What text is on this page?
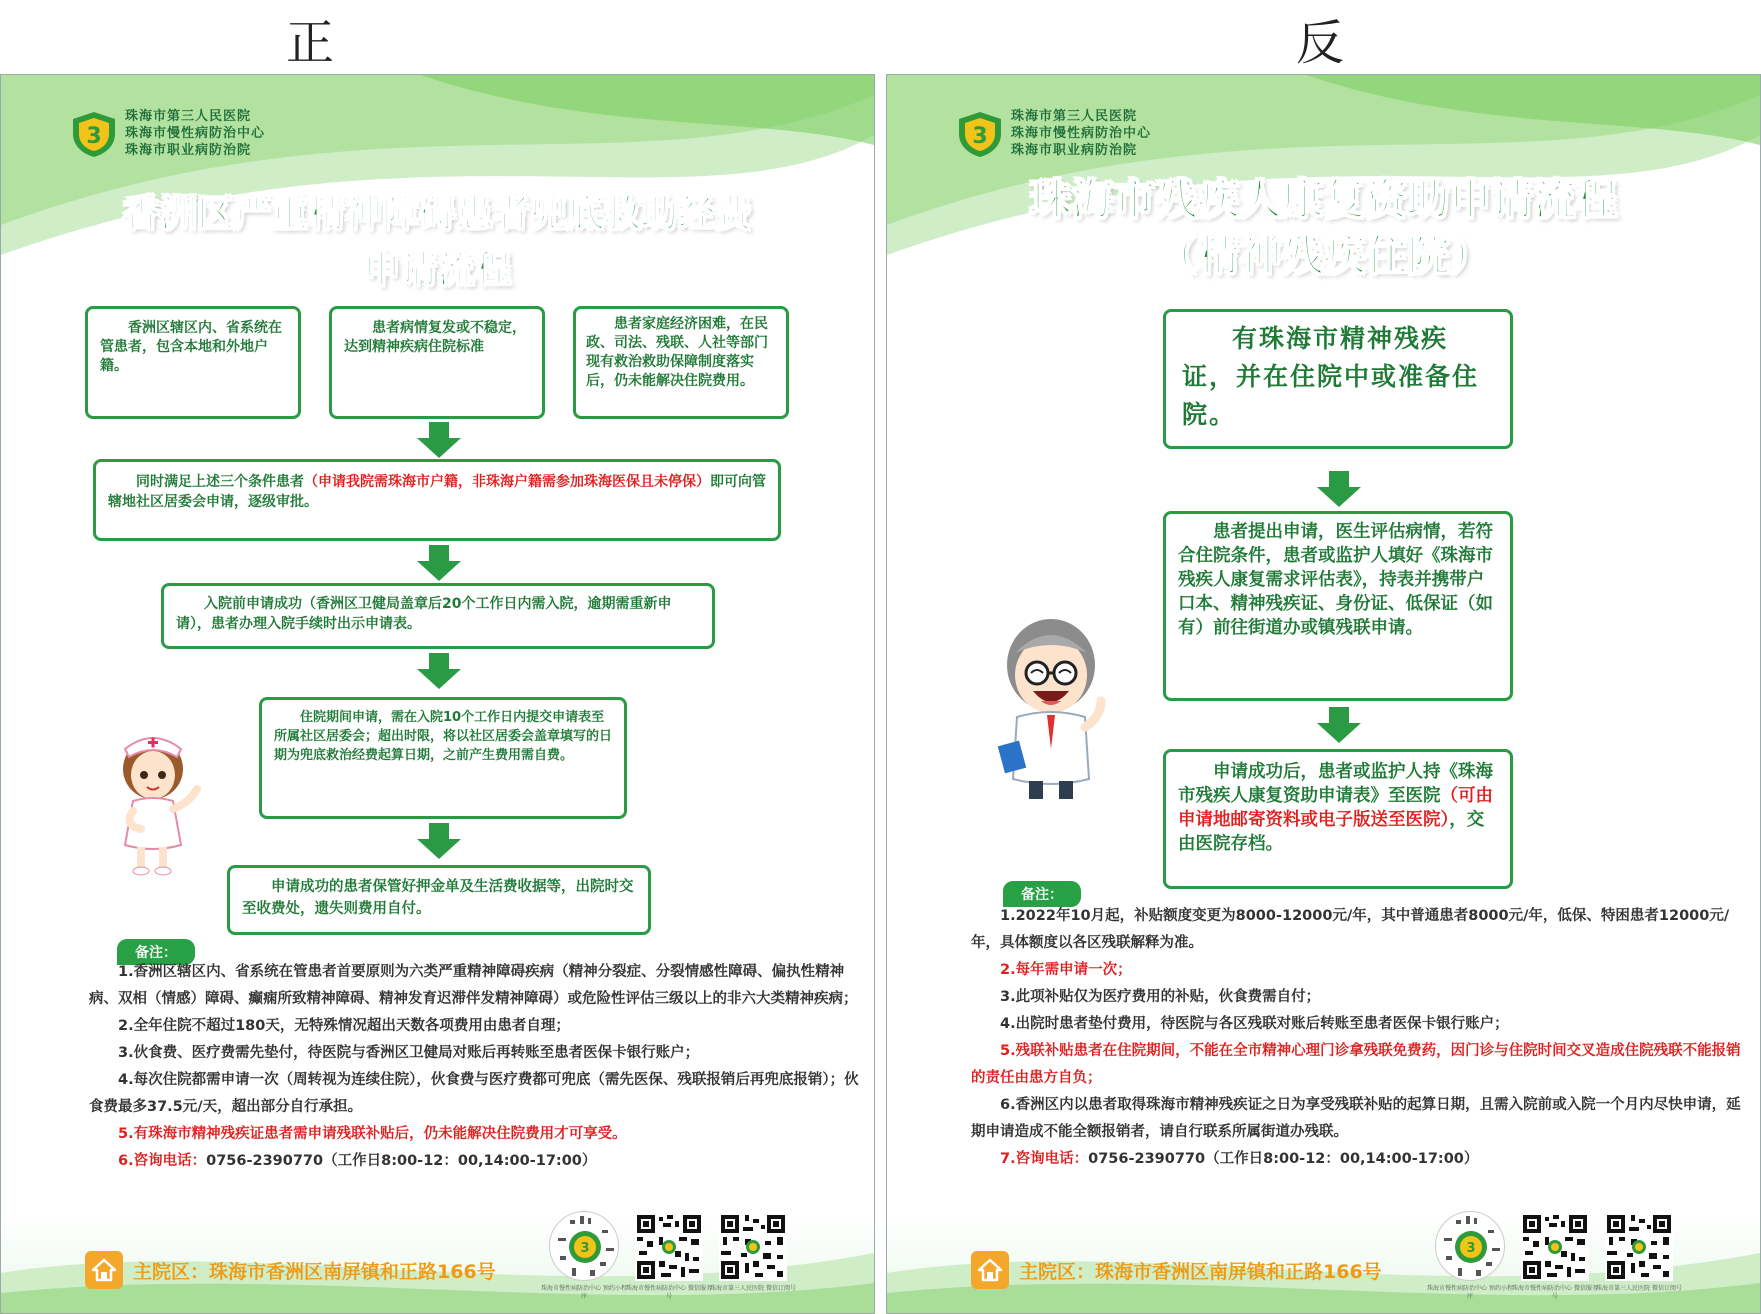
正	反
3
珠海市第三人民医院
珠海市慢性病防治中心
珠海市职业病防治院
香洲区严重精神障碍患者兜底救助经费
申请流程
香洲区辖区内、省系统在管患者，包含本地和外地户籍。
患者病情复发或不稳定，达到精神疾病住院标准
患者家庭经济困难，在民政、司法、残联、人社等部门现有救治救助保障制度落实后，仍未能解决住院费用。
同时满足上述三个条件患者（申请我院需珠海市户籍，非珠海户籍需参加珠海医保且未停保）即可向管辖地社区居委会申请，逐级审批。
入院前申请成功（香洲区卫健局盖章后20个工作日内需入院，逾期需重新申请），患者办理入院手续时出示申请表。
住院期间申请，需在入院10个工作日内提交申请表至所属社区居委会；超出时限，将以社区居委会盖章填写的日期为兜底救治经费起算日期，之前产生费用需自费。
申请成功的患者保管好押金单及生活费收据等，出院时交至收费处，遗失则费用自付。
备注：

1.香洲区辖区内、省系统在管患者首要原则为六类严重精神障碍疾病（精神分裂症、分裂情感性障碍、偏执性精神病、双相（情感）障碍、癫痫所致精神障碍、精神发育迟滞伴发精神障碍）或危险性评估三级以上的非六大类精神疾病；

2.全年住院不超过180天，无特殊情况超出天数各项费用由患者自理；

3.伙食费、医疗费需先垫付，待医院与香洲区卫健局对账后再转账至患者医保卡银行账户；

4.每次住院都需申请一次（周转视为连续住院），伙食费与医疗费都可兜底（需先医保、残联报销后再兜底报销）；伙食费最多37.5元/天，超出部分自行承担。

5.有珠海市精神残疾证患者需申请残联补贴后，仍未能解决住院费用才可享受。

6.咨询电话：0756-2390770（工作日8:00-12：00,14:00-17:00）

主院区：珠海市香洲区南屏镇和正路166号
3
珠海市慢性病防治中心 预约小程序
珠海市慢性病防治中心 微信服务号
珠海市第三人民医院 微信订阅号
3
珠海市第三人民医院
珠海市慢性病防治中心
珠海市职业病防治院
珠海市残疾人康复资助申请流程
（精神残疾住院）
有珠海市精神残疾证，并在住院中或准备住院。
患者提出申请，医生评估病情，若符合住院条件，患者或监护人填好《珠海市残疾人康复需求评估表》，持表并携带户口本、精神残疾证、身份证、低保证（如有）前往街道办或镇残联申请。
申请成功后，患者或监护人持《珠海市残疾人康复资助申请表》至医院（可由申请地邮寄资料或电子版送至医院），交由医院存档。
备注：

1.2022年10月起，补贴额度变更为8000-12000元/年，其中普通患者8000元/年，低保、特困患者12000元/年，具体额度以各区残联解释为准。

2.每年需申请一次；

3.此项补贴仅为医疗费用的补贴，伙食费需自付；

4.出院时患者垫付费用，待医院与各区残联对账后转账至患者医保卡银行账户；

5.残联补贴患者在住院期间，不能在全市精神心理门诊拿残联免费药，因门诊与住院时间交叉造成住院残联不能报销的责任由患方自负；

6.香洲区内以患者取得珠海市精神残疾证之日为享受残联补贴的起算日期，且需入院前或入院一个月内尽快申请，延期申请造成不能全额报销者，请自行联系所属街道办残联。

7.咨询电话：0756-2390770（工作日8:00-12：00,14:00-17:00）

主院区：珠海市香洲区南屏镇和正路166号
3
珠海市慢性病防治中心 预约小程序
珠海市慢性病防治中心 微信服务号
珠海市第三人民医院 微信订阅号
